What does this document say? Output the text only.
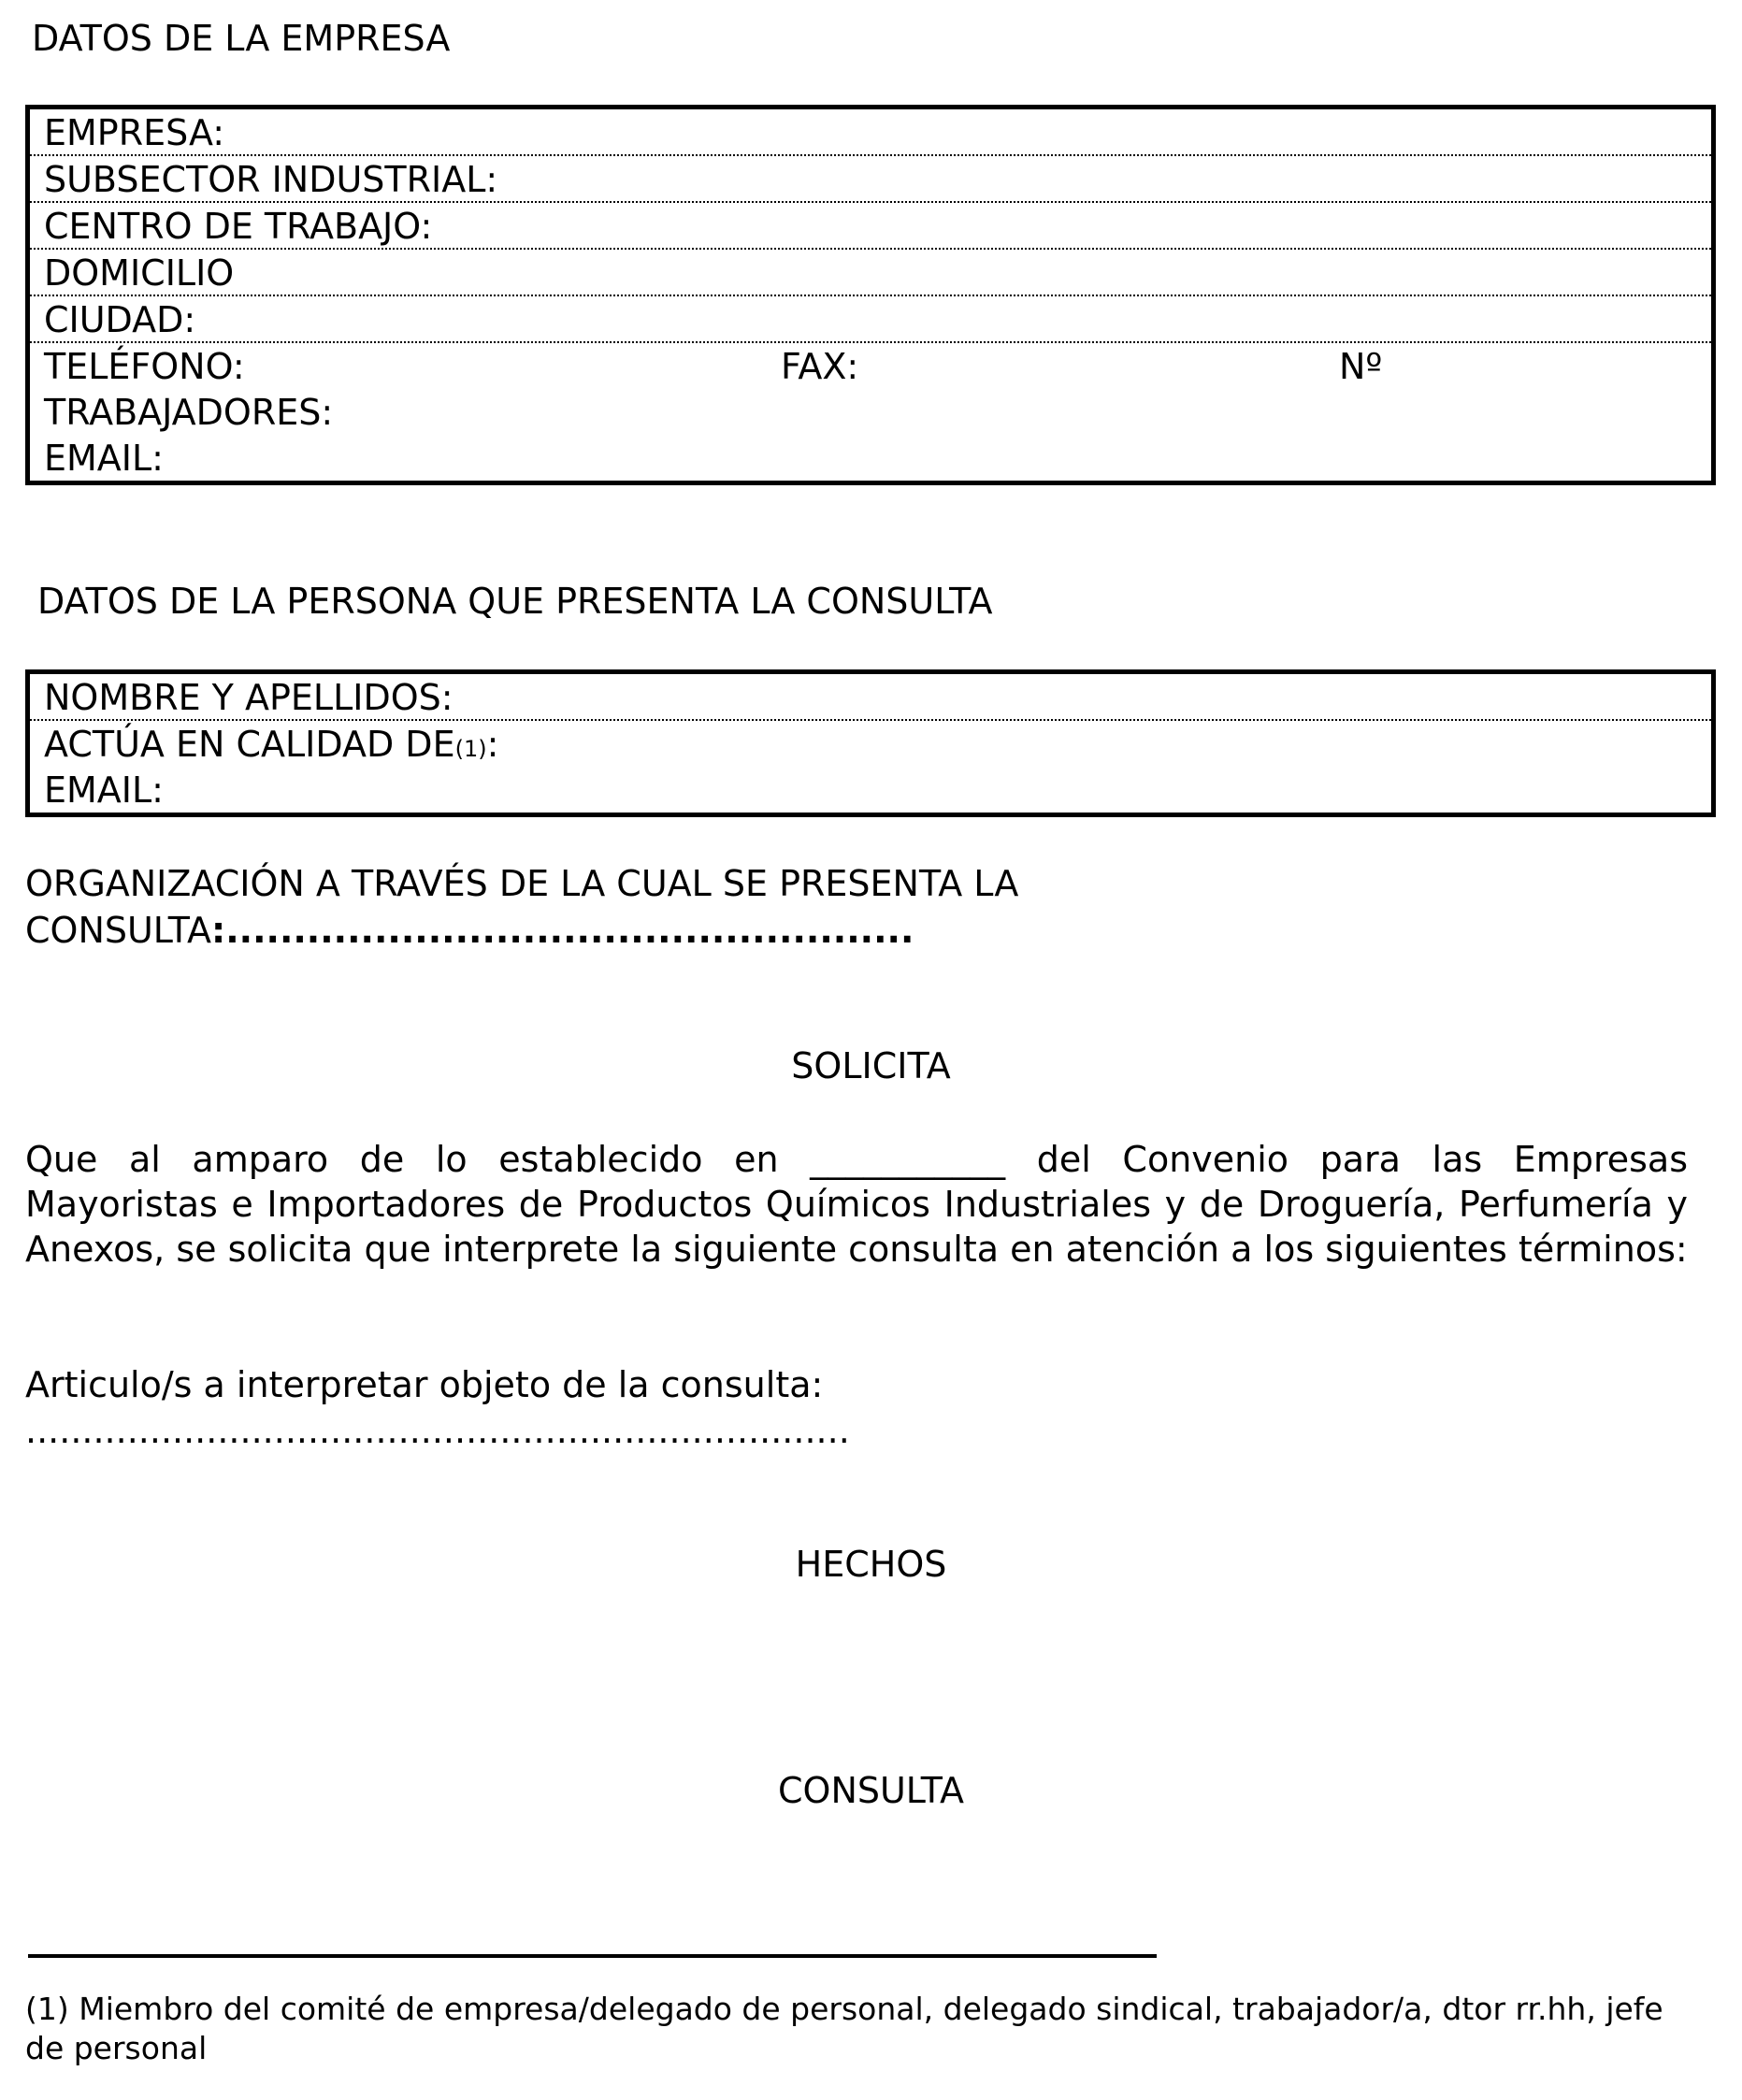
DATOS DE LA EMPRESA
EMPRESA:
SUBSECTOR INDUSTRIAL:
CENTRO DE TRABAJO:
DOMICILIO
CIUDAD:
TELÉFONO:	FAX:	Nº
TRABAJADORES:
EMAIL:
DATOS DE LA PERSONA QUE PRESENTA LA CONSULTA
NOMBRE Y APELLIDOS:
ACTÚA EN CALIDAD DE(1):
EMAIL:
ORGANIZACIÓN A TRAVÉS DE LA CUAL SE PRESENTA LA
CONSULTA:...................................................
SOLICITA
Que al amparo de lo establecido en ___________ del Convenio para las Empresas
Mayoristas e Importadores de Productos Químicos Industriales y de Droguería, Perfumería y Anexos, se solicita que interprete la siguiente consulta en atención a los siguientes términos:
Articulo/s a interpretar objeto de la consulta:
.........................................................................
HECHOS
CONSULTA
(1) Miembro del comité de empresa/delegado de personal, delegado sindical, trabajador/a, dtor rr.hh, jefe de personal
